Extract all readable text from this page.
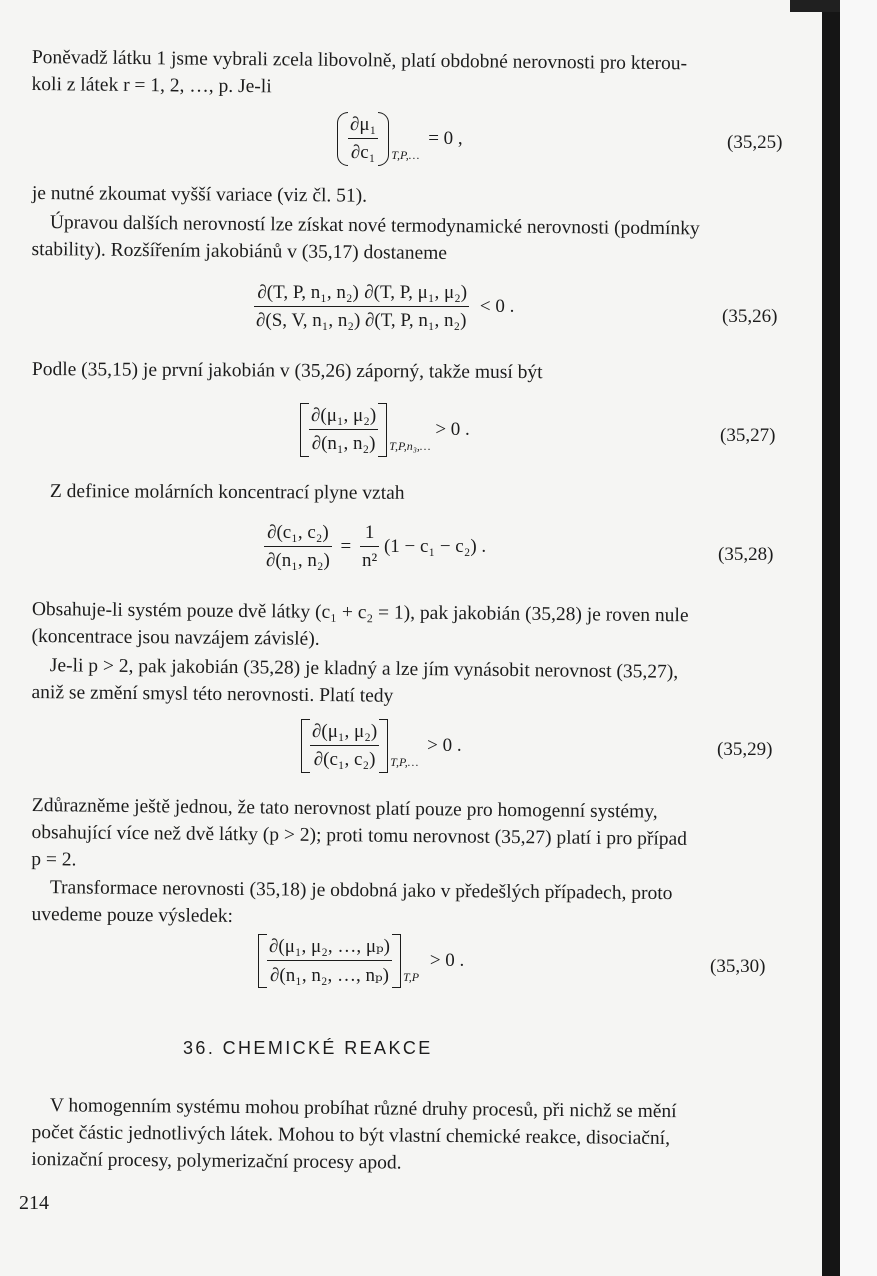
Poněvadž látku 1 jsme vybrali zcela libovolně, platí obdobné nerovnosti pro kterou-
koli z látek r = 1, 2, …, p. Je-li

$\frac{\text{∂μ₁}}{\text{∂c₁}} _{T,P,\dots} = 0$ ,	(35,25)

je nutné zkoumat vyšší variace (viz čl. 51).

Úpravou dalších nerovností lze získat nové termodynamické nerovnosti (podmínky
stability). Rozšířením jakobiánů v (35,17) dostaneme

$\frac{\text{∂(T, P, n₁, n₂)}}{\text{∂(S, V, n₁, n₂)}} \frac{\text{∂(T, P, μ₁, μ₂)}}{\text{∂(T, P, n₁, n₂)}} < 0$ .	(35,26)

Podle (35,15) je první jakobián v (35,26) záporný, takže musí být

$\frac{\text{∂(μ₁, μ₂)}}{\text{∂(n₁, n₂)}} _{T,P,n_3,\dots} > 0$ .	(35,27)

Z definice molárních koncentrací plyne vztah

$\frac{\text{∂(c₁, c₂)}}{\text{∂(n₁, n₂)}} = \frac{1}{\text{n²}} (1 - c_1 - c_2)$ .	(35,28)

Obsahuje-li systém pouze dvě látky (c₁ + c₂ = 1), pak jakobián (35,28) je roven nule
(koncentrace jsou navzájem závislé).

Je-li p > 2, pak jakobián (35,28) je kladný a lze jím vynásobit nerovnost (35,27),
aniž se změní smysl této nerovnosti. Platí tedy

$\frac{\text{∂(μ₁, μ₂)}}{\text{∂(c₁, c₂)}} _{T,P,\dots} > 0$ .	(35,29)

Zdůrazněme ještě jednou, že tato nerovnost platí pouze pro homogenní systémy,
obsahující více než dvě látky (p > 2); proti tomu nerovnost (35,27) platí i pro případ
p = 2.

Transformace nerovnosti (35,18) je obdobná jako v předešlých případech, proto
uvedeme pouze výsledek:

$\frac{\text{∂(μ₁, μ₂, …, μₚ)}}{\text{∂(n₁, n₂, …, nₚ)}} _{T,P} > 0$ .	(35,30)
36. CHEMICKÉ REAKCE

V homogenním systému mohou probíhat různé druhy procesů, při nichž se mění
počet částic jednotlivých látek. Mohou to být vlastní chemické reakce, disociační,
ionizační procesy, polymerizační procesy apod.

214
